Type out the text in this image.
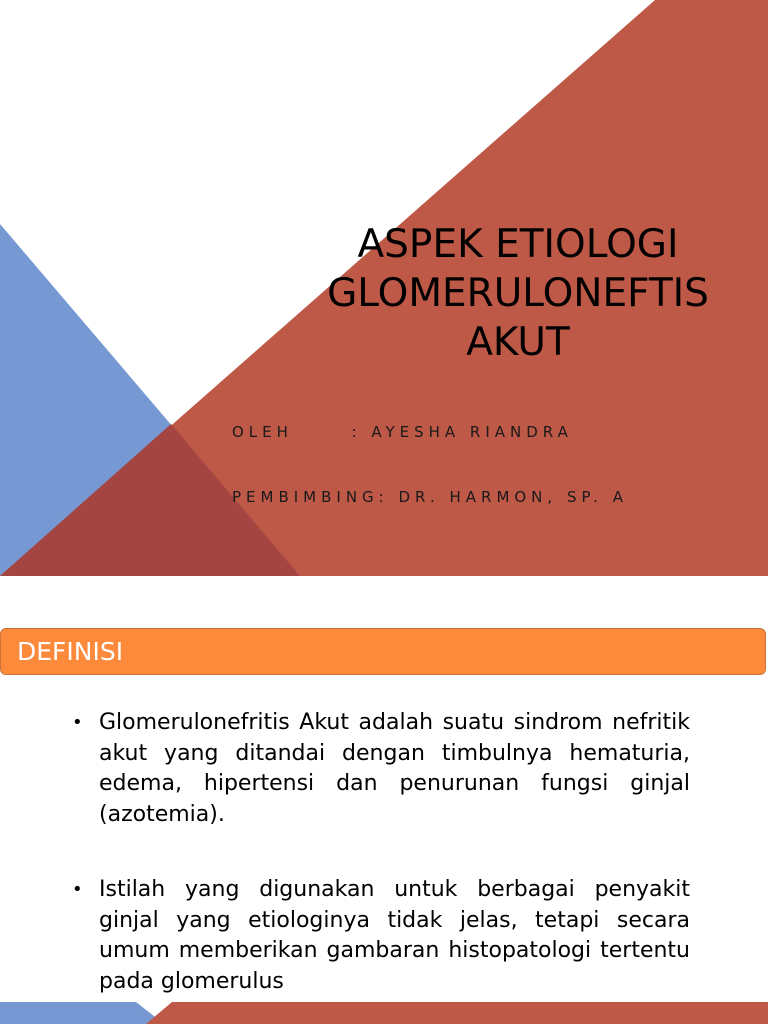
ASPEK ETIOLOGI
GLOMERULONEFTIS
AKUT

OLEH      : AYESHA RIANDRA

PEMBIMBING: DR. HARMON, SP. A

DEFINISI
• Glomerulonefritis Akut adalah suatu sindrom nefritik akut yang ditandai dengan timbulnya hematuria, edema, hipertensi dan penurunan fungsi ginjal (azotemia).
• Istilah yang digunakan untuk berbagai penyakit ginjal yang etiologinya tidak jelas, tetapi secara umum memberikan gambaran histopatologi tertentu pada glomerulus
